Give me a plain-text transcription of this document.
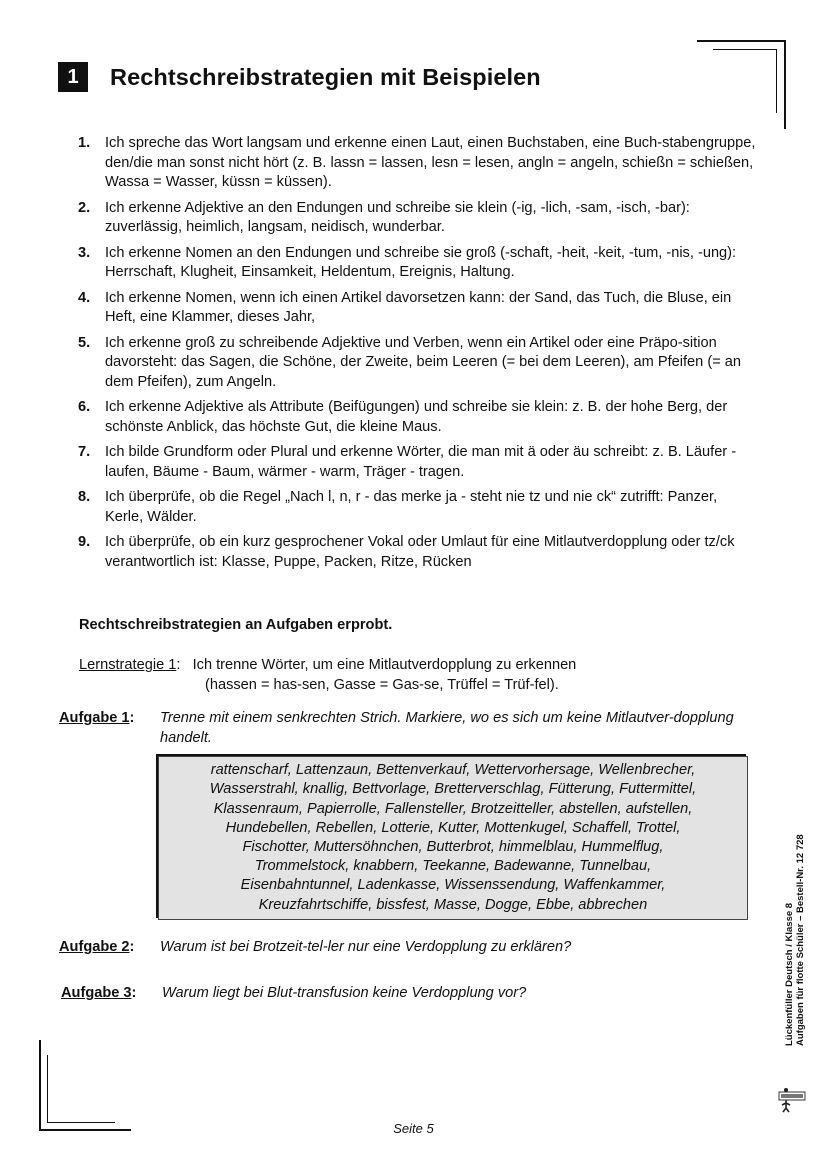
1	Rechtschreibstrategien mit Beispielen
1.	Ich spreche das Wort langsam und erkenne einen Laut, einen Buchstaben, eine Buch-stabengruppe, den/die man sonst nicht hört (z. B. lassn = lassen, lesn = lesen, angln = angeln, schießn = schießen, Wassa = Wasser, küssn = küssen).
2.	Ich erkenne Adjektive an den Endungen und schreibe sie klein (-ig, -lich, -sam, -isch, -bar): zuverlässig, heimlich, langsam, neidisch, wunderbar.
3.	Ich erkenne Nomen an den Endungen und schreibe sie groß (-schaft, -heit, -keit, -tum, -nis, -ung): Herrschaft, Klugheit, Einsamkeit, Heldentum, Ereignis, Haltung.
4.	Ich erkenne Nomen, wenn ich einen Artikel davorsetzen kann: der Sand, das Tuch, die Bluse, ein Heft, eine Klammer, dieses Jahr,
5.	Ich erkenne groß zu schreibende Adjektive und Verben, wenn ein Artikel oder eine Präpo-sition davorsteht: das Sagen, die Schöne, der Zweite, beim Leeren (= bei dem Leeren), am Pfeifen (= an dem Pfeifen), zum Angeln.
6.	Ich erkenne Adjektive als Attribute (Beifügungen) und schreibe sie klein: z. B. der hohe Berg, der schönste Anblick, das höchste Gut, die kleine Maus.
7.	Ich bilde Grundform oder Plural und erkenne Wörter, die man mit ä oder äu schreibt: z. B. Läufer - laufen, Bäume - Baum, wärmer - warm, Träger - tragen.
8.	Ich überprüfe, ob die Regel „Nach l, n, r - das merke ja - steht nie tz und nie ck“ zutrifft: Panzer, Kerle, Wälder.
9.	Ich überprüfe, ob ein kurz gesprochener Vokal oder Umlaut für eine Mitlautverdopplung oder tz/ck verantwortlich ist: Klasse, Puppe, Packen, Ritze, Rücken
Rechtschreibstrategien an Aufgaben erprobt.
Lernstrategie 1: Ich trenne Wörter, um eine Mitlautverdopplung zu erkennen
(hassen = has-sen, Gasse = Gas-se, Trüffel = Trüf-fel).
Aufgabe 1:	Trenne mit einem senkrechten Strich. Markiere, wo es sich um keine Mitlautver-dopplung handelt.
rattenscharf, Lattenzaun, Bettenverkauf, Wettervorhersage, Wellenbrecher,
Wasserstrahl, knallig, Bettvorlage, Bretterverschlag, Fütterung, Futtermittel,
Klassenraum, Papierrolle, Fallensteller, Brotzeitteller, abstellen, aufstellen,
Hundebellen, Rebellen, Lotterie, Kutter, Mottenkugel, Schaffell, Trottel,
Fischotter, Muttersöhnchen, Butterbrot, himmelblau, Hummelflug,
Trommelstock, knabbern, Teekanne, Badewanne, Tunnelbau,
Eisenbahntunnel, Ladenkasse, Wissenssendung, Waffenkammer,
Kreuzfahrtschiffe, bissfest, Masse, Dogge, Ebbe, abbrechen
Aufgabe 2:	Warum ist bei Brotzeit-tel-ler nur eine Verdopplung zu erklären?
Aufgabe 3:	Warum liegt bei Blut-transfusion keine Verdopplung vor?	Lückenfüller Deutsch / Klasse 8 Aufgaben für flotte Schüler – Bestell-Nr. 12 728
Seite 5
